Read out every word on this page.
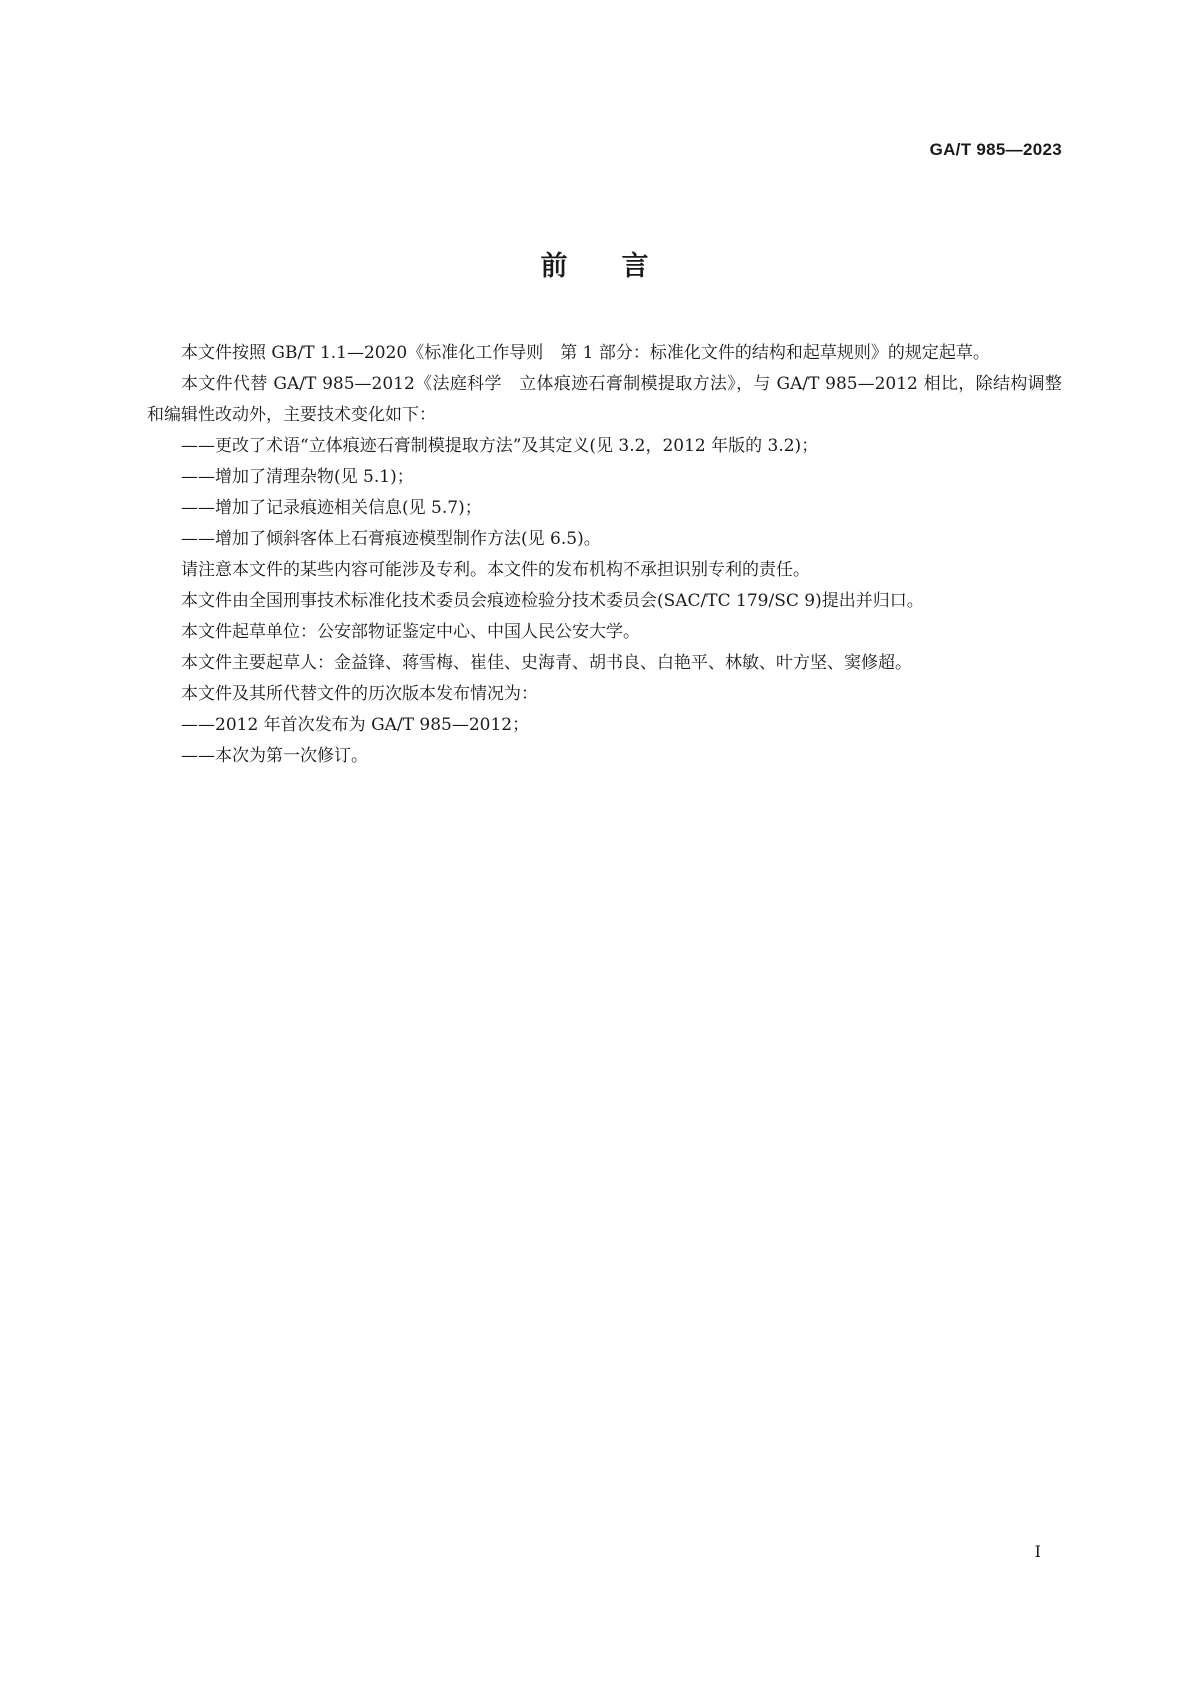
GA/T 985—2023
前 言

本文件按照 GB/T 1.1—2020《标准化工作导则　第 1 部分：标准化文件的结构和起草规则》的规定起草。

本文件代替 GA/T 985—2012《法庭科学　立体痕迹石膏制模提取方法》，与 GA/T 985—2012 相比，除结构调整和编辑性改动外，主要技术变化如下：

——更改了术语“立体痕迹石膏制模提取方法”及其定义(见 3.2，2012 年版的 3.2)；

——增加了清理杂物(见 5.1)；

——增加了记录痕迹相关信息(见 5.7)；

——增加了倾斜客体上石膏痕迹模型制作方法(见 6.5)。

请注意本文件的某些内容可能涉及专利。本文件的发布机构不承担识别专利的责任。

本文件由全国刑事技术标准化技术委员会痕迹检验分技术委员会(SAC/TC 179/SC 9)提出并归口。

本文件起草单位：公安部物证鉴定中心、中国人民公安大学。

本文件主要起草人：金益锋、蒋雪梅、崔佳、史海青、胡书良、白艳平、林敏、叶方坚、窦修超。

本文件及其所代替文件的历次版本发布情况为：

——2012 年首次发布为 GA/T 985—2012；

——本次为第一次修订。

I
